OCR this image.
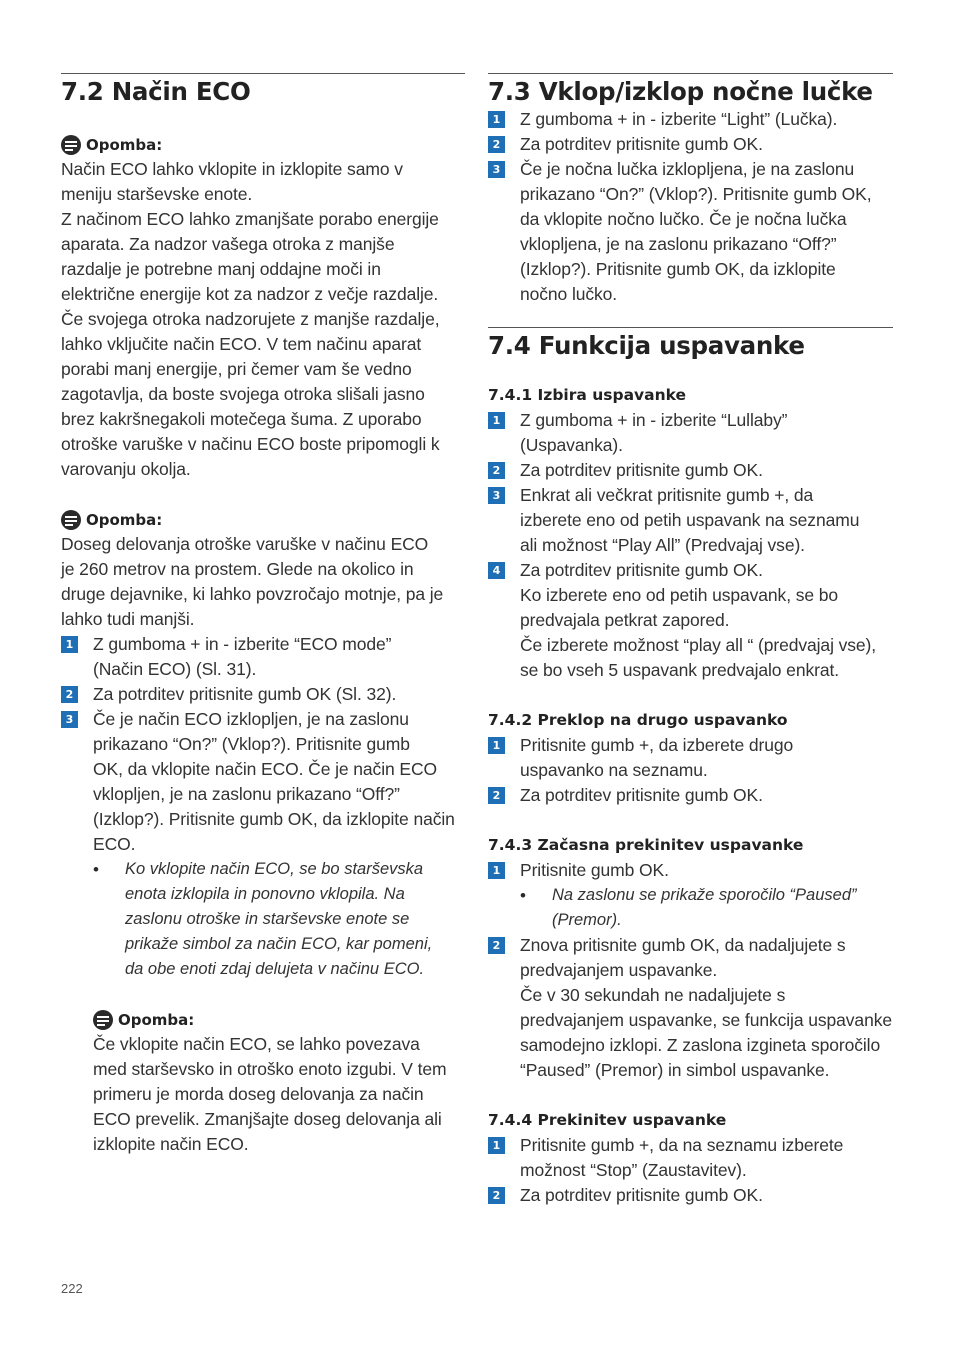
7.2 Način ECO
Opomba:
Način ECO lahko vklopite in izklopite samo v
meniju starševske enote.
Z načinom ECO lahko zmanjšate porabo energije
aparata. Za nadzor vašega otroka z manjše
razdalje je potrebne manj oddajne moči in
električne energije kot za nadzor z večje razdalje.
Če svojega otroka nadzorujete z manjše razdalje,
lahko vključite način ECO. V tem načinu aparat
porabi manj energije, pri čemer vam še vedno
zagotavlja, da boste svojega otroka slišali jasno
brez kakršnegakoli motečega šuma. Z uporabo
otroške varuške v načinu ECO boste pripomogli k
varovanju okolja.
Opomba:
Doseg delovanja otroške varuške v načinu ECO
je 260 metrov na prostem. Glede na okolico in
druge dejavnike, ki lahko povzročajo motnje, pa je
lahko tudi manjši.
1 Z gumboma + in - izberite “ECO mode”
(Način ECO) (Sl. 31).
2 Za potrditev pritisnite gumb OK (Sl. 32).
3 Če je način ECO izklopljen, je na zaslonu
prikazano “On?” (Vklop?). Pritisnite gumb
OK, da vklopite način ECO. Če je način ECO
vklopljen, je na zaslonu prikazano “Off?”
(Izklop?). Pritisnite gumb OK, da izklopite način
ECO.
•	Ko vklopite način ECO, se bo starševska
enota izklopila in ponovno vklopila. Na
zaslonu otroške in starševske enote se
prikaže simbol za način ECO, kar pomeni,
da obe enoti zdaj delujeta v načinu ECO.
Opomba:
Če vklopite način ECO, se lahko povezava
med starševsko in otroško enoto izgubi. V tem
primeru je morda doseg delovanja za način
ECO prevelik. Zmanjšajte doseg delovanja ali
izklopite način ECO.
7.3 Vklop/izklop nočne lučke
1 Z gumboma + in - izberite “Light” (Lučka).
2 Za potrditev pritisnite gumb OK.
3 Če je nočna lučka izklopljena, je na zaslonu
prikazano “On?” (Vklop?). Pritisnite gumb OK,
da vklopite nočno lučko. Če je nočna lučka
vklopljena, je na zaslonu prikazano “Off?”
(Izklop?). Pritisnite gumb OK, da izklopite
nočno lučko.
7.4 Funkcija uspavanke
7.4.1 Izbira uspavanke
1 Z gumboma + in - izberite “Lullaby”
(Uspavanka).
2 Za potrditev pritisnite gumb OK.
3 Enkrat ali večkrat pritisnite gumb +, da
izberete eno od petih uspavank na seznamu
ali možnost “Play All” (Predvajaj vse).
4 Za potrditev pritisnite gumb OK.
Ko izberete eno od petih uspavank, se bo
predvajala petkrat zapored.
Če izberete možnost “play all “ (predvajaj vse),
se bo vseh 5 uspavank predvajalo enkrat.
7.4.2 Preklop na drugo uspavanko
1 Pritisnite gumb +, da izberete drugo
uspavanko na seznamu.
2 Za potrditev pritisnite gumb OK.
7.4.3 Začasna prekinitev uspavanke
1 Pritisnite gumb OK.
•	Na zaslonu se prikaže sporočilo “Paused”
(Premor).
2 Znova pritisnite gumb OK, da nadaljujete s
predvajanjem uspavanke.
Če v 30 sekundah ne nadaljujete s
predvajanjem uspavanke, se funkcija uspavanke
samodejno izklopi. Z zaslona izgineta sporočilo
“Paused” (Premor) in simbol uspavanke.
7.4.4 Prekinitev uspavanke
1 Pritisnite gumb +, da na seznamu izberete
možnost “Stop” (Zaustavitev).
2 Za potrditev pritisnite gumb OK.
222
